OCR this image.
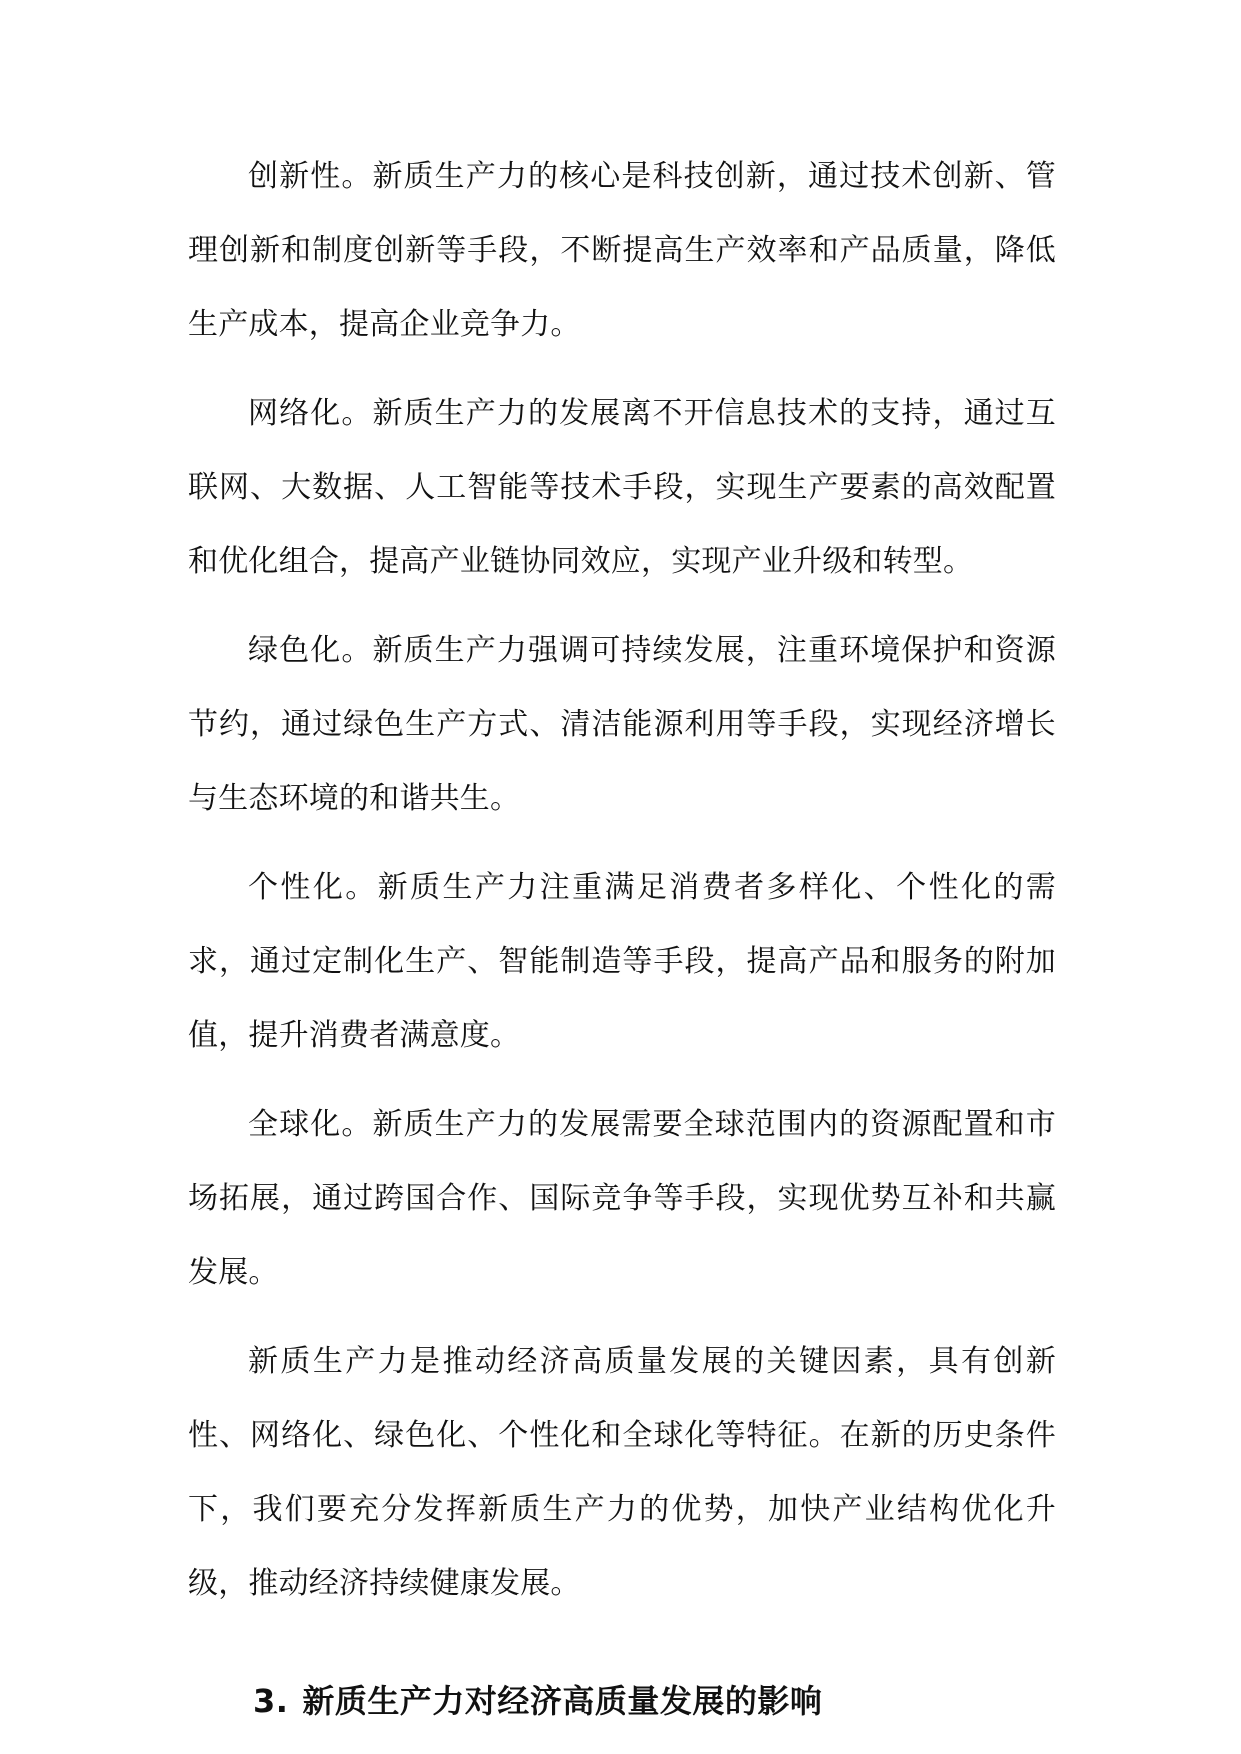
创新性。新质生产力的核心是科技创新，通过技术创新、管理创新和制度创新等手段，不断提高生产效率和产品质量，降低生产成本，提高企业竞争力。

网络化。新质生产力的发展离不开信息技术的支持，通过互联网、大数据、人工智能等技术手段，实现生产要素的高效配置和优化组合，提高产业链协同效应，实现产业升级和转型。

绿色化。新质生产力强调可持续发展，注重环境保护和资源节约，通过绿色生产方式、清洁能源利用等手段，实现经济增长与生态环境的和谐共生。

个性化。新质生产力注重满足消费者多样化、个性化的需求，通过定制化生产、智能制造等手段，提高产品和服务的附加值，提升消费者满意度。

全球化。新质生产力的发展需要全球范围内的资源配置和市场拓展，通过跨国合作、国际竞争等手段，实现优势互补和共赢发展。

新质生产力是推动经济高质量发展的关键因素，具有创新性、网络化、绿色化、个性化和全球化等特征。在新的历史条件下，我们要充分发挥新质生产力的优势，加快产业结构优化升级，推动经济持续健康发展。

3. 新质生产力对经济高质量发展的影响
